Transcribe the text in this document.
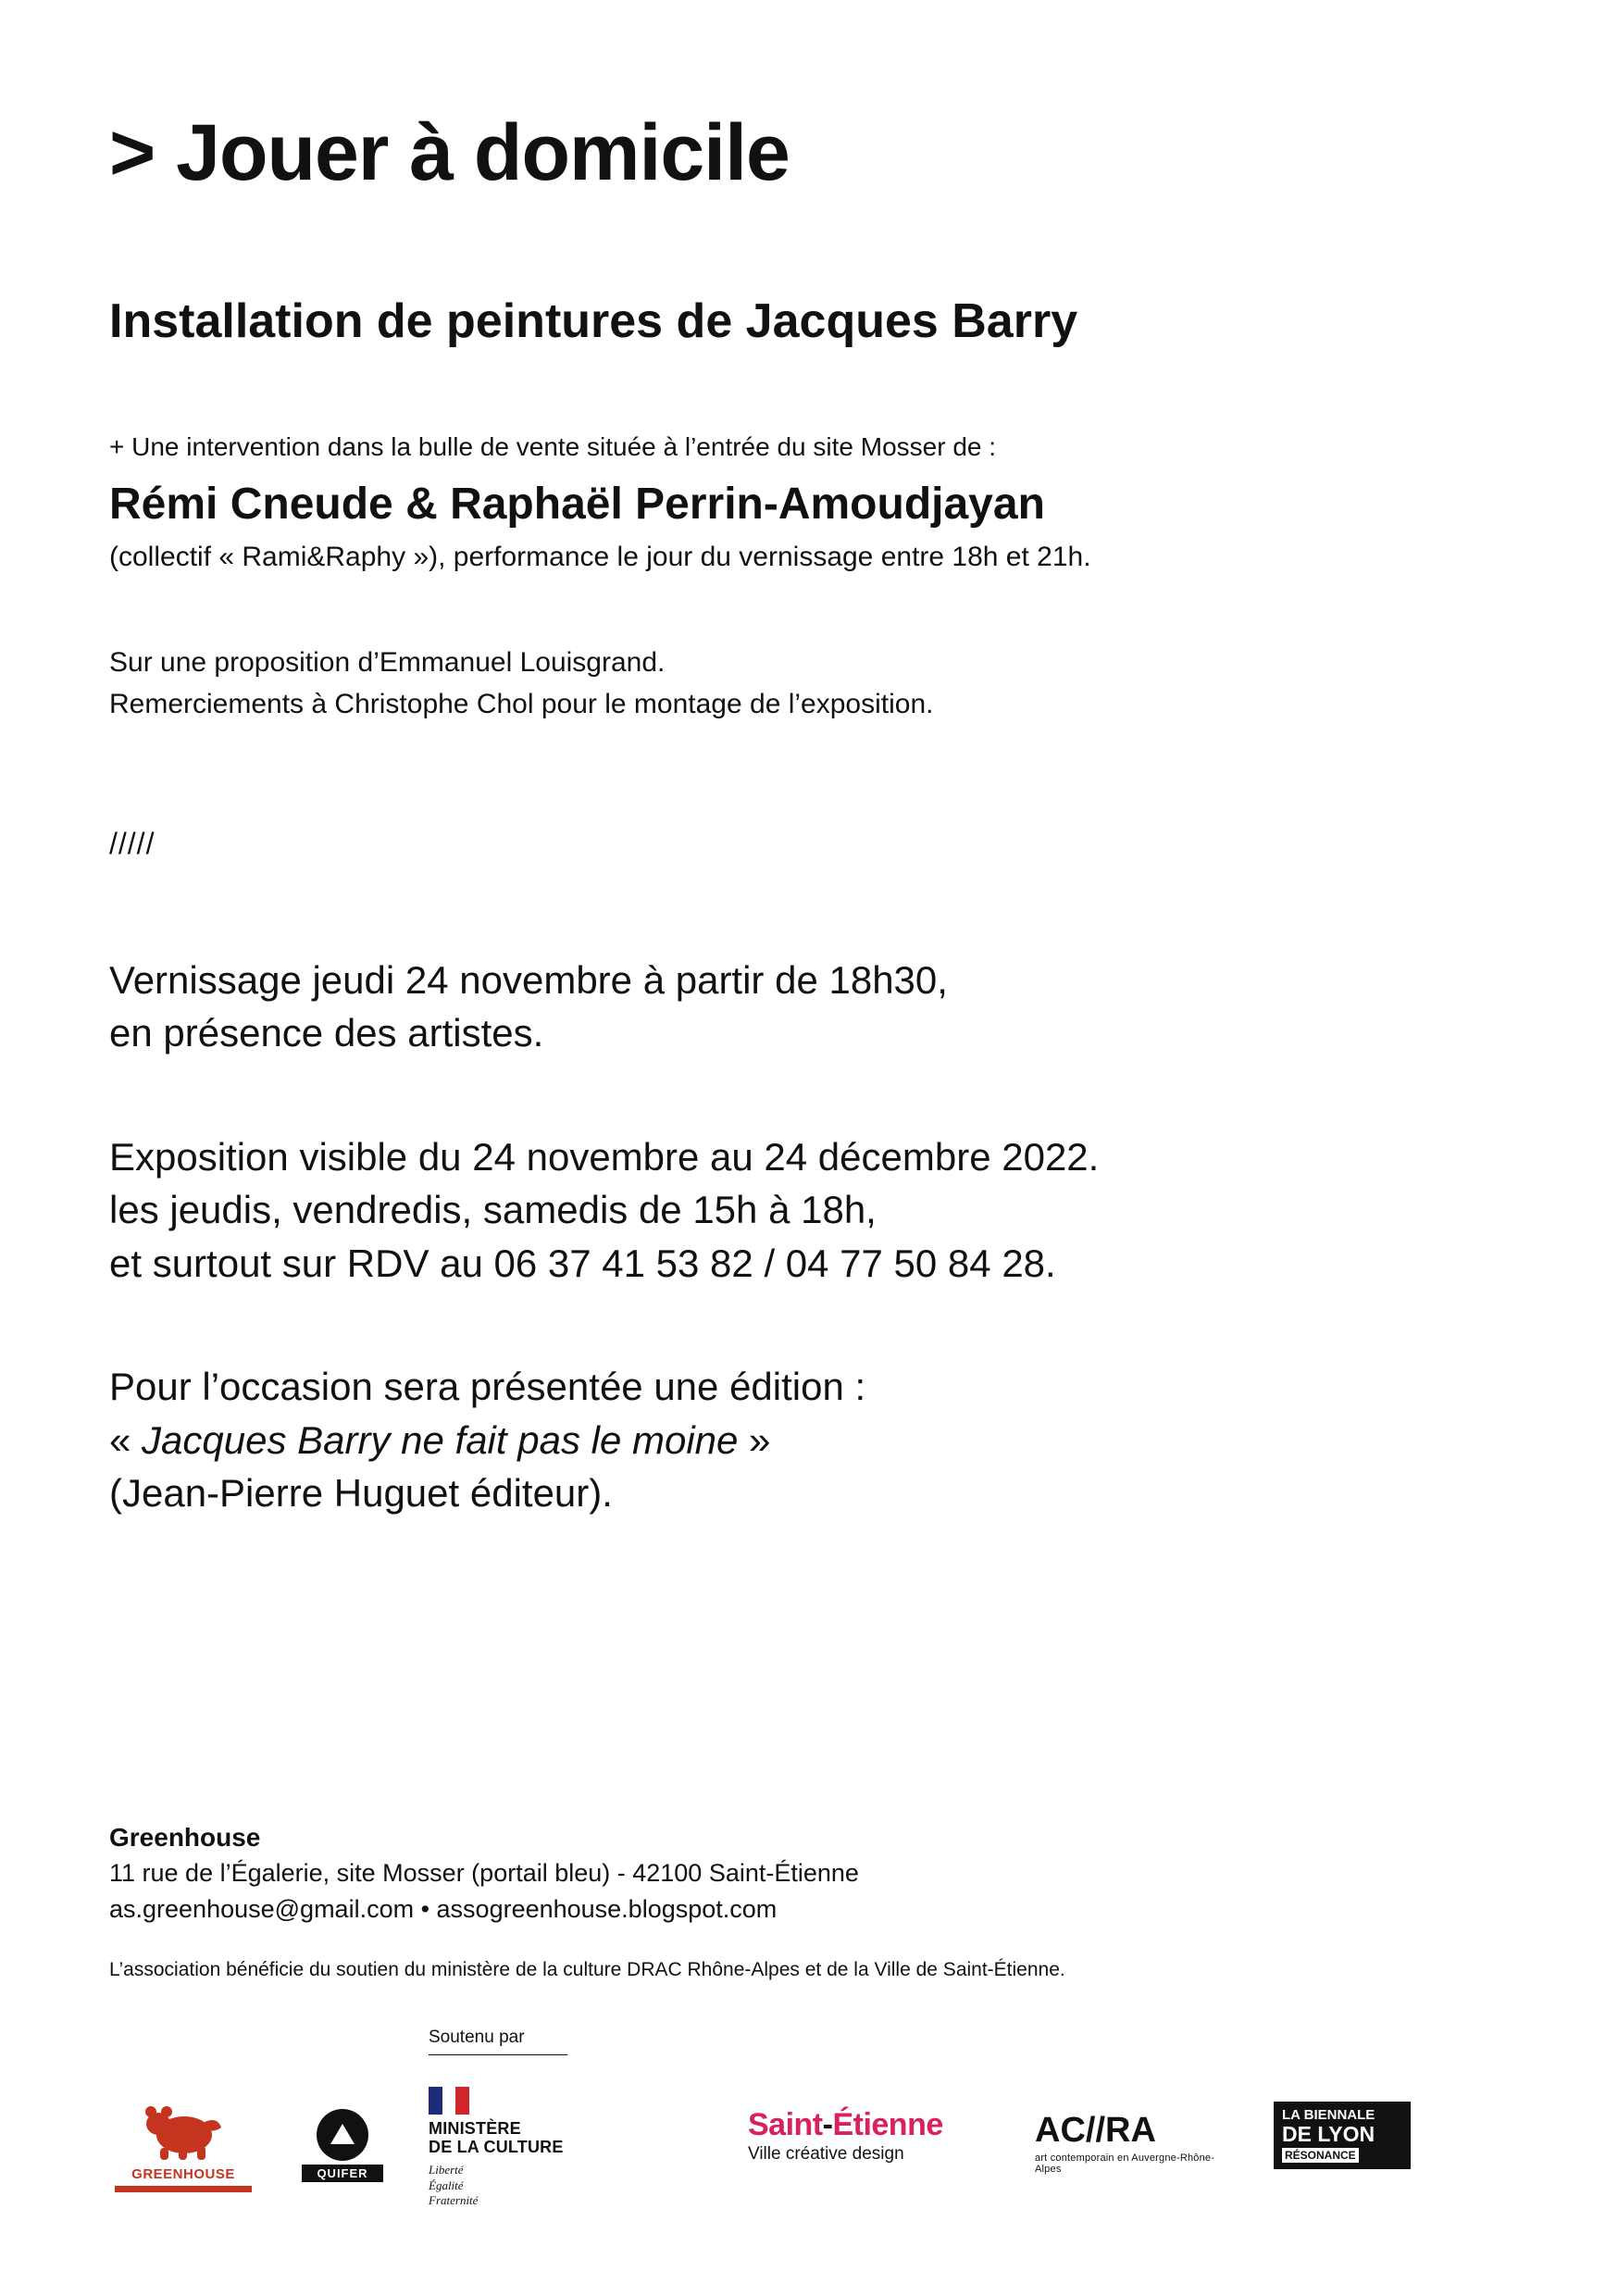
> Jouer à domicile
Installation de peintures de Jacques Barry

+ Une intervention dans la bulle de vente située à l’entrée du site Mosser de :

Rémi Cneude & Raphaël Perrin-Amoudjayan

(collectif « Rami&Raphy »), performance le jour du vernissage entre 18h et 21h.

Sur une proposition d’Emmanuel Louisgrand.

Remerciements à Christophe Chol pour le montage de l’exposition.

/////

Vernissage jeudi 24 novembre à partir de 18h30,
en présence des artistes.

Exposition visible du 24 novembre au 24 décembre 2022.
les jeudis, vendredis, samedis de 15h à 18h,
et surtout sur RDV au 06 37 41 53 82 / 04 77 50 84 28.

Pour l’occasion sera présentée une édition :
« Jacques Barry ne fait pas le moine »
(Jean-Pierre Huguet éditeur).

Greenhouse

11 rue de l’Égalerie, site Mosser (portail bleu) - 42100 Saint-Étienne

as.greenhouse@gmail.com • assogreenhouse.blogspot.com

L’association bénéficie du soutien du ministère de la culture DRAC Rhône-Alpes et de la Ville de Saint-Étienne.

Soutenu par

GREENHOUSE	QUIFER

MINISTÈRE

DE LA CULTURE

Liberté
Égalité
Fraternité
Saint-Étienne
Ville créative design
AC//RA
art contemporain en Auvergne-Rhône-Alpes
LA BIENNALE
DE LYON
RÉSONANCE
